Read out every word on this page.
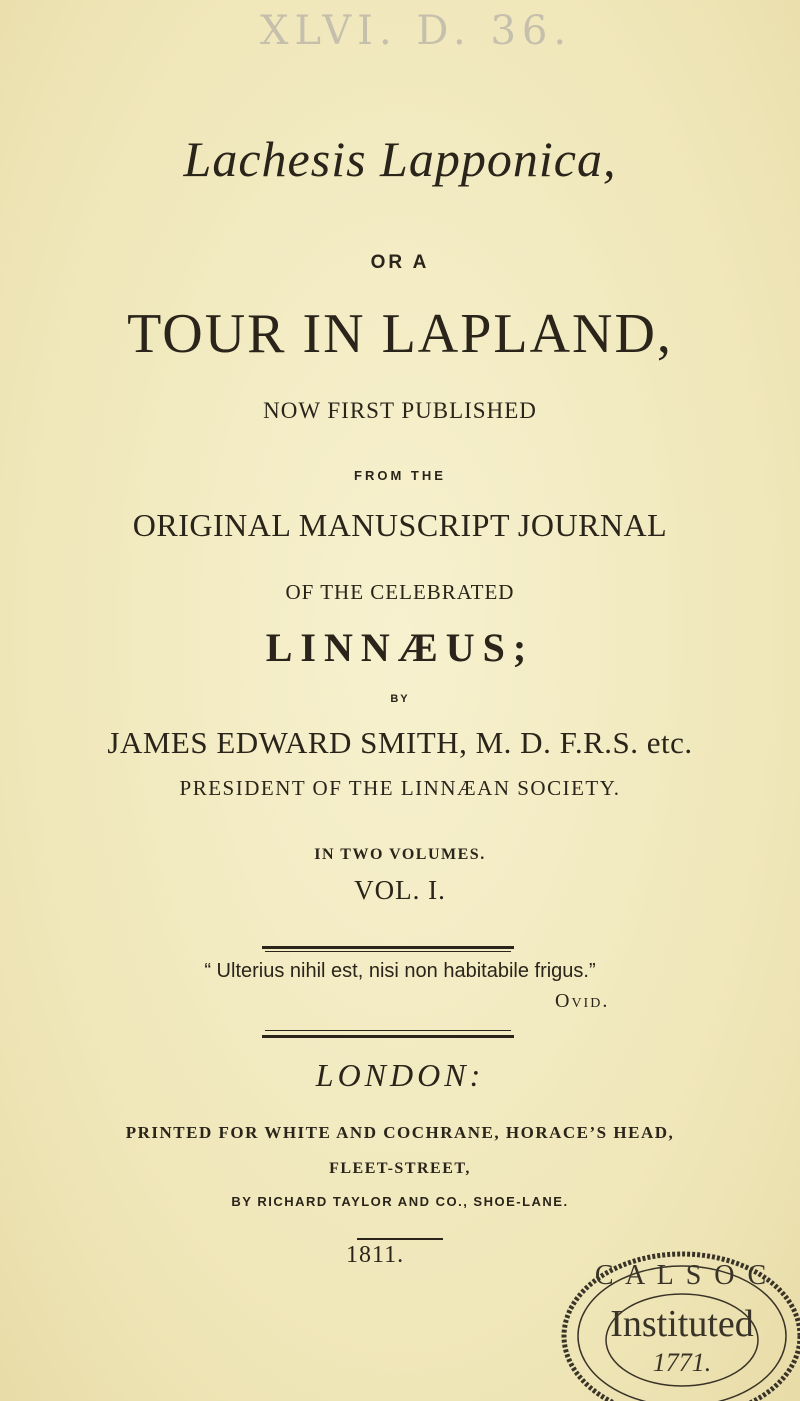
XLVI. D. 36.
Lachesis Lapponica,
OR A
TOUR IN LAPLAND,
NOW FIRST PUBLISHED
FROM THE
ORIGINAL MANUSCRIPT JOURNAL
OF THE CELEBRATED
LINNÆUS;
BY
JAMES EDWARD SMITH, M. D. F.R.S. etc.
PRESIDENT OF THE LINNÆAN SOCIETY.
IN TWO VOLUMES.
VOL. I.
“ Ulterius nihil est, nisi non habitabile frigus.”
Ovid.
LONDON:
PRINTED FOR WHITE AND COCHRANE, HORACE’S HEAD,
FLEET-STREET,
BY RICHARD TAYLOR AND CO., SHOE-LANE.
1811.
C A L S O C
Instituted
1771.
